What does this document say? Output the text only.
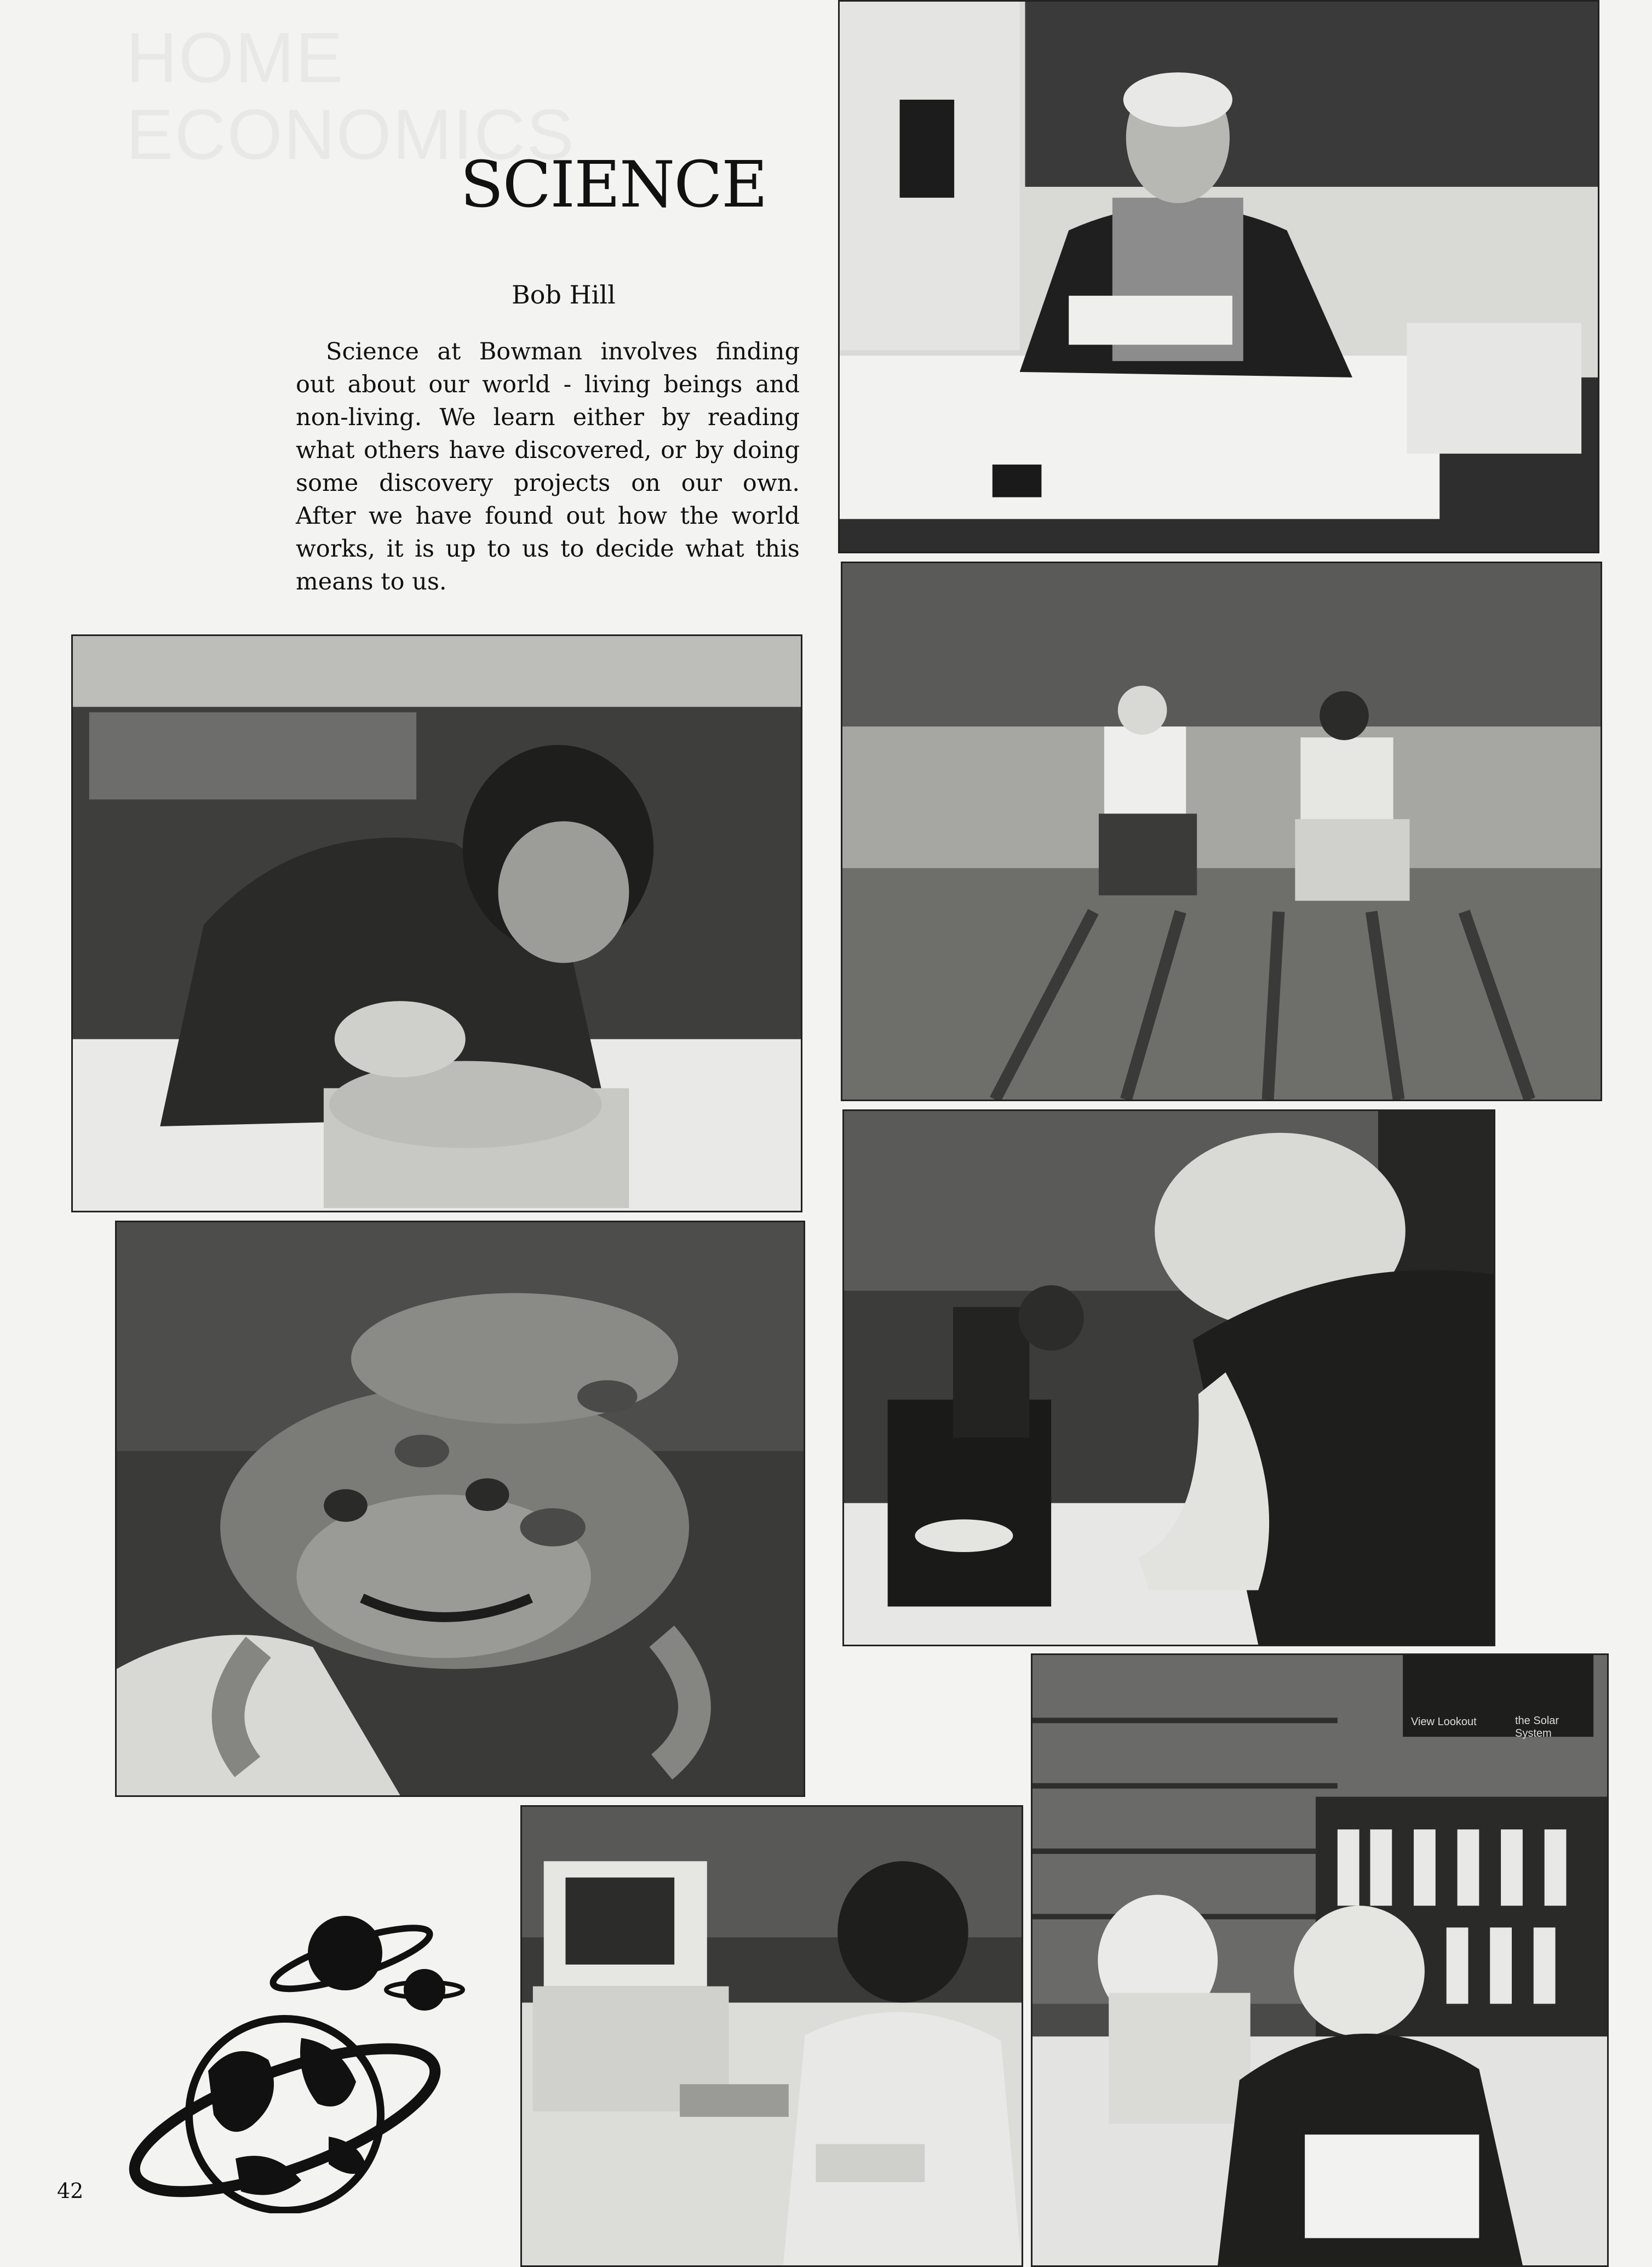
SCIENCE
Bob Hill

Science at Bowman involves finding out about our world - living beings and non-living. We learn either by reading what others have discovered, or by doing some discovery projects on our own. After we have found out how the world works, it is up to us to decide what this means to us.

View Lookout	the Solar System
42
